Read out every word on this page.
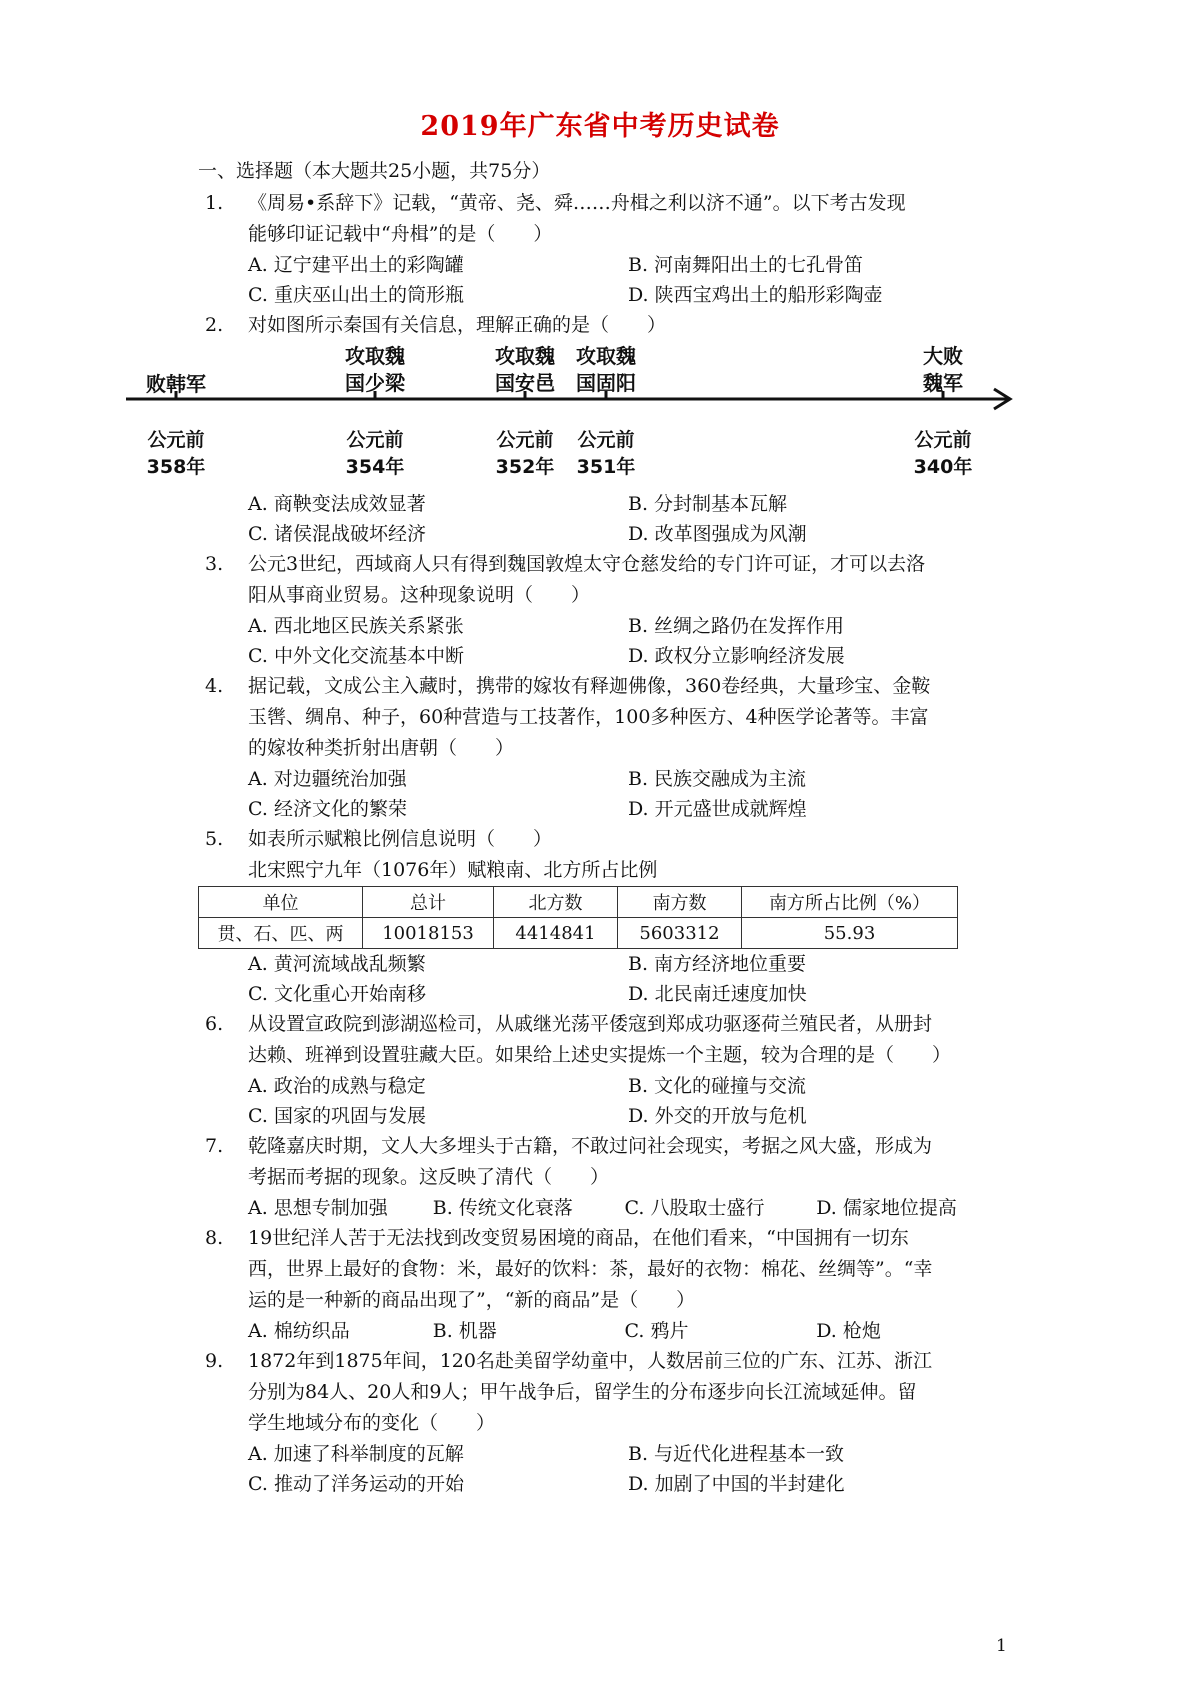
2019年广东省中考历史试卷
一、选择题（本大题共25小题，共75分）
1.	《周易•系辞下》记载，“黄帝、尧、舜……舟楫之利以济不通”。以下考古发现
能够印证记载中“舟楫”的是（　　）
A. 辽宁建平出土的彩陶罐	B. 河南舞阳出土的七孔骨笛
C. 重庆巫山出土的筒形瓶	D. 陕西宝鸡出土的船形彩陶壶
2.	对如图所示秦国有关信息，理解正确的是（　　）
败韩军
攻取魏
国少梁
攻取魏
国安邑
攻取魏
国固阳
大败
魏军
公元前
358年
公元前
354年
公元前
352年
公元前
351年
公元前
340年
A. 商鞅变法成效显著	B. 分封制基本瓦解
C. 诸侯混战破坏经济	D. 改革图强成为风潮
3.	公元3世纪，西域商人只有得到魏国敦煌太守仓慈发给的专门许可证，才可以去洛
阳从事商业贸易。这种现象说明（　　）
A. 西北地区民族关系紧张	B. 丝绸之路仍在发挥作用
C. 中外文化交流基本中断	D. 政权分立影响经济发展
4.	据记载，文成公主入藏时，携带的嫁妆有释迦佛像，360卷经典，大量珍宝、金鞍
玉辔、绸帛、种子，60种营造与工技著作，100多种医方、4种医学论著等。丰富
的嫁妆种类折射出唐朝（　　）
A. 对边疆统治加强	B. 民族交融成为主流
C. 经济文化的繁荣	D. 开元盛世成就辉煌
5.	如表所示赋粮比例信息说明（　　）
北宋熙宁九年（1076年）赋粮南、北方所占比例
单位	总计	北方数	南方数	南方所占比例（%）
贯、石、匹、两	10018153	4414841	5603312	55.93
A. 黄河流域战乱频繁	B. 南方经济地位重要
C. 文化重心开始南移	D. 北民南迁速度加快
6.	从设置宣政院到澎湖巡检司，从戚继光荡平倭寇到郑成功驱逐荷兰殖民者，从册封
达赖、班禅到设置驻藏大臣。如果给上述史实提炼一个主题，较为合理的是（　　）
A. 政治的成熟与稳定	B. 文化的碰撞与交流
C. 国家的巩固与发展	D. 外交的开放与危机
7.	乾隆嘉庆时期，文人大多埋头于古籍，不敢过问社会现实，考据之风大盛，形成为
考据而考据的现象。这反映了清代（　　）
A. 思想专制加强	B. 传统文化衰落	C. 八股取士盛行	D. 儒家地位提高
8.	19世纪洋人苦于无法找到改变贸易困境的商品，在他们看来，“中国拥有一切东
西，世界上最好的食物：米，最好的饮料：茶，最好的衣物：棉花、丝绸等”。“幸
运的是一种新的商品出现了”，“新的商品”是（　　）
A. 棉纺织品	B. 机器	C. 鸦片	D. 枪炮
9.	1872年到1875年间，120名赴美留学幼童中，人数居前三位的广东、江苏、浙江
分别为84人、20人和9人；甲午战争后，留学生的分布逐步向长江流域延伸。留
学生地域分布的变化（　　）
A. 加速了科举制度的瓦解	B. 与近代化进程基本一致
C. 推动了洋务运动的开始	D. 加剧了中国的半封建化
1
